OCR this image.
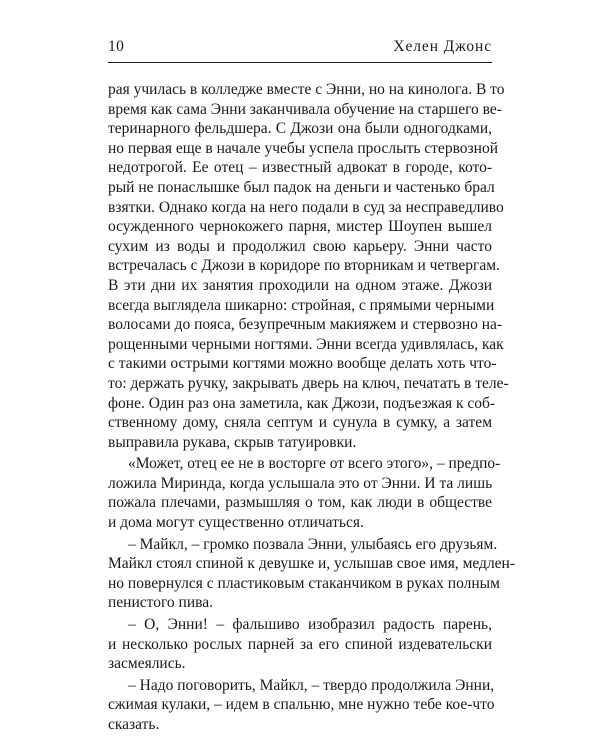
10	Хелен Джонс
рая училась в колледже вместе с Энни, но на кинолога. В то
время как сама Энни заканчивала обучение на старшего ве-
теринарного фельдшера. С Джози она были одногодками,
но первая еще в начале учебы успела прослыть стервозной
недотрогой. Ее отец – известный адвокат в городе, кото-
рый не понаслышке был падок на деньги и частенько брал
взятки. Однако когда на него подали в суд за несправедливо
осужденного чернокожего парня, мистер Шоупен вышел
сухим из воды и продолжил свою карьеру. Энни часто
встречалась с Джози в коридоре по вторникам и четвергам.
В эти дни их занятия проходили на одном этаже. Джози
всегда выглядела шикарно: стройная, с прямыми черными
волосами до пояса, безупречным макияжем и стервозно на-
рощенными черными ногтями. Энни всегда удивлялась, как
с такими острыми когтями можно вообще делать хоть что-
то: держать ручку, закрывать дверь на ключ, печатать в теле-
фоне. Один раз она заметила, как Джози, подъезжая к соб-
ственному дому, сняла септум и сунула в сумку, а затем
выправила рукава, скрыв татуировки.
«Может, отец ее не в восторге от всего этого», – предпо-
ложила Миринда, когда услышала это от Энни. И та лишь
пожала плечами, размышляя о том, как люди в обществе
и дома могут существенно отличаться.
– Майкл, – громко позвала Энни, улыбаясь его друзьям.
Майкл стоял спиной к девушке и, услышав свое имя, медлен-
но повернулся с пластиковым стаканчиком в руках полным
пенистого пива.
– О, Энни! – фальшиво изобразил радость парень,
и несколько рослых парней за его спиной издевательски
засмеялись.
– Надо поговорить, Майкл, – твердо продолжила Энни,
сжимая кулаки, – идем в спальню, мне нужно тебе кое-что
сказать.
